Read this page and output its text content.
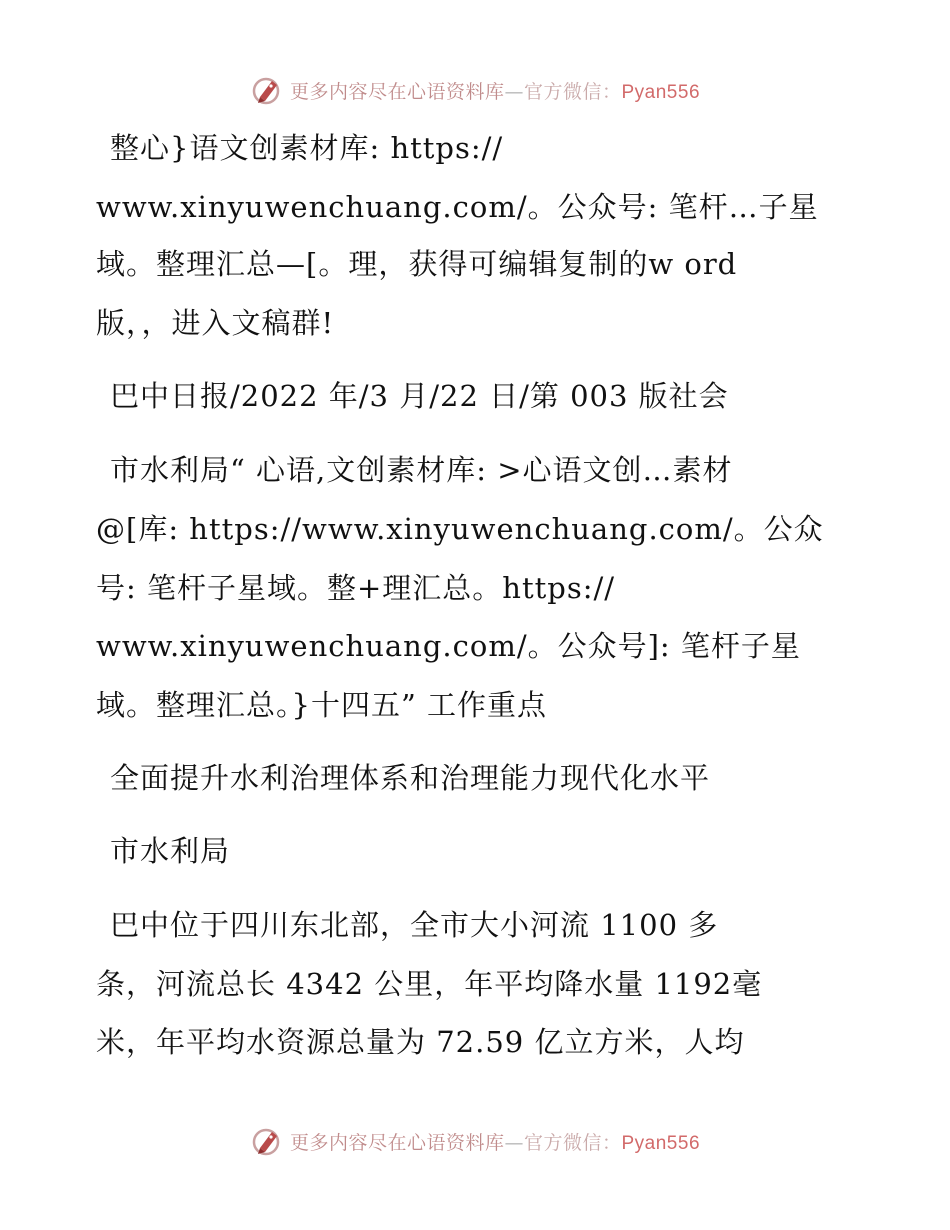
更多内容尽在心语资料库—官方微信：Pyan556
整心}语文创素材库: https://
www.xinyuwenchuang.com/。公众号: 笔杆…子星
域。整理汇总—[。理，获得可编辑复制的w ord
版，，进入文稿群!
巴中日报/2022 年/3 月/22 日/第 003 版社会
市水利局“ 心语,文创素材库: >心语文创…素材
@[库: https://www.xinyuwenchuang.com/。公众
号: 笔杆子星域。整+理汇总。https://
www.xinyuwenchuang.com/。公众号]: 笔杆子星
域。整理汇总。}十四五” 工作重点
全面提升水利治理体系和治理能力现代化水平
市水利局
巴中位于四川东北部，全市大小河流 1100 多
条，河流总长 4342 公里，年平均降水量 1192毫
米，年平均水资源总量为 72.59 亿立方米，人均
更多内容尽在心语资料库—官方微信：Pyan556
